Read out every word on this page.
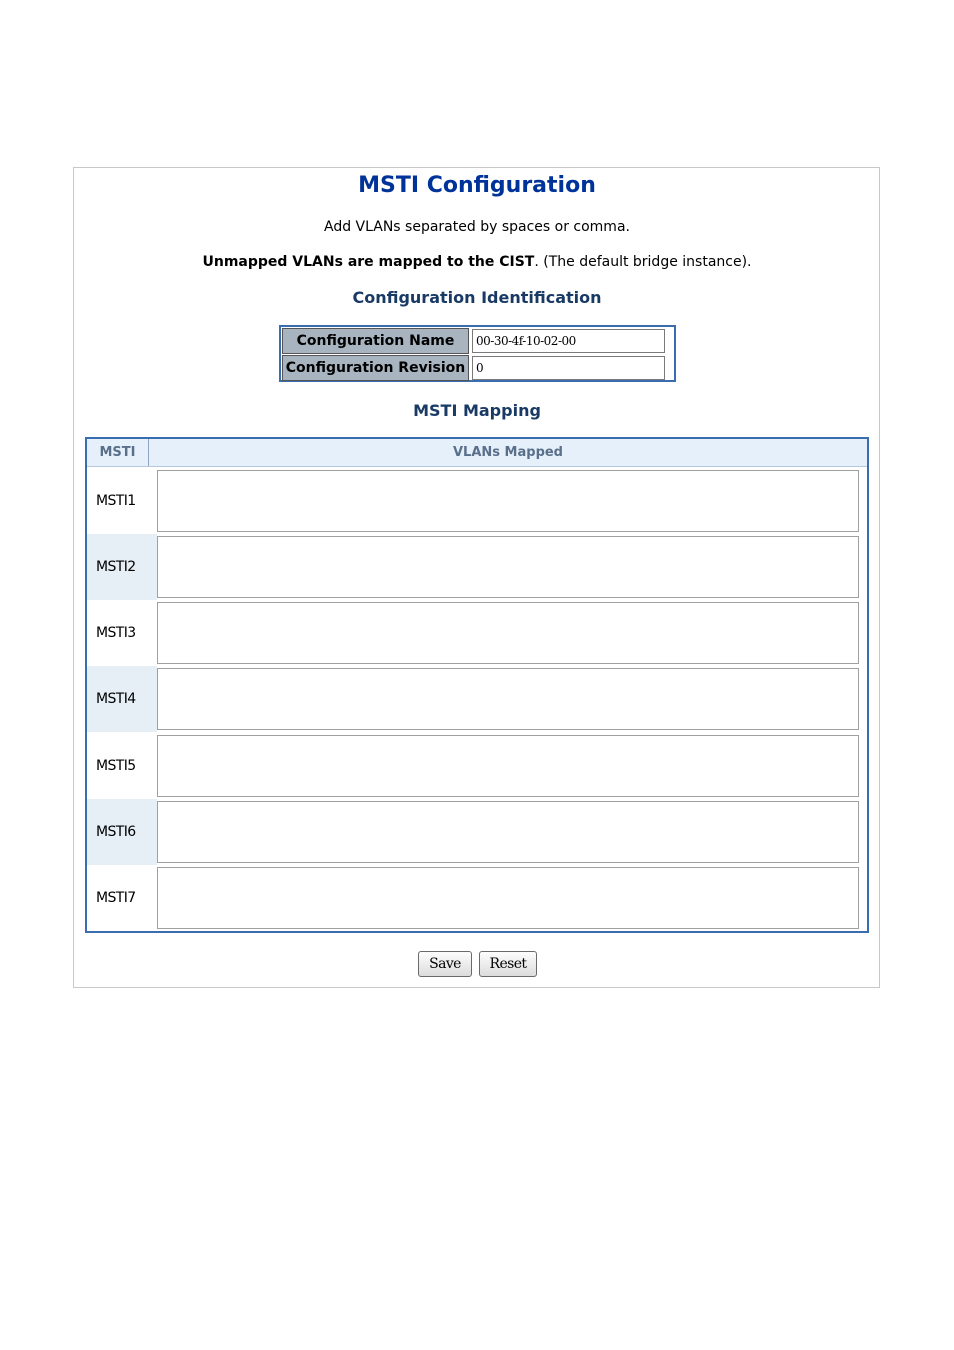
MSTI Configuration
Add VLANs separated by spaces or comma.
Unmapped VLANs are mapped to the CIST. (The default bridge instance).
Configuration Identification
Configuration Name
00-30-4f-10-02-00
Configuration Revision
0
MSTI Mapping
MSTI	VLANs Mapped
MSTI1
MSTI2
MSTI3
MSTI4
MSTI5
MSTI6
MSTI7
Save	Reset
